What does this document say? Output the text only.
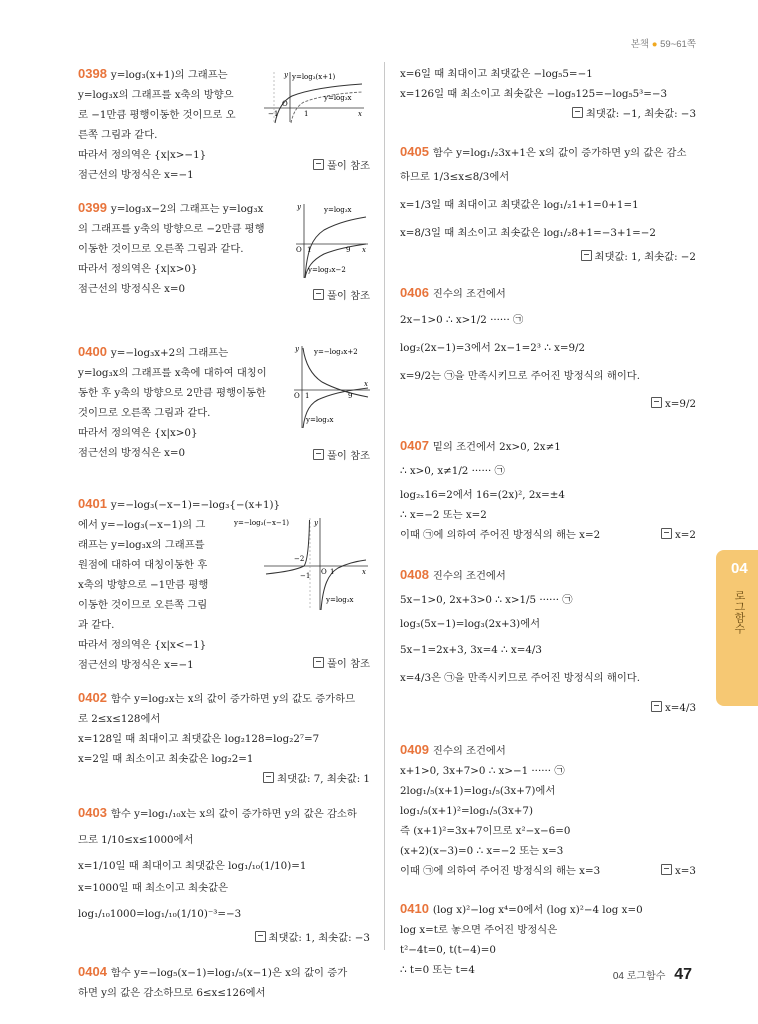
본책 ● 59~61쪽
0398 y=log₃(x+1)의 그래프는
y=log₃x의 그래프를 x축의 방향으
로 −1만큼 평행이동한 것이므로 오
른쪽 그림과 같다.
따라서 정의역은 {x|x>−1}
점근선의 방정식은 x=−1
풀이 참조
y=log₃(x+1)
y=log₃x
O
−1	1	x
y
0399 y=log₃x−2의 그래프는 y=log₃x
의 그래프를 y축의 방향으로 −2만큼 평행
이동한 것이므로 오른쪽 그림과 같다.
따라서 정의역은 {x|x>0}
점근선의 방정식은 x=0
풀이 참조
y=log₃x
y=log₃x−2
O 1	9 x
y
0400 y=−log₃x+2의 그래프는
y=log₃x의 그래프를 x축에 대하여 대칭이
동한 후 y축의 방향으로 2만큼 평행이동한
것이므로 오른쪽 그림과 같다.
따라서 정의역은 {x|x>0}
점근선의 방정식은 x=0	풀이 참조
y=−log₃x+2
y=log₃x
O 1	9
x
y
0401 y=−log₃(−x−1)=−log₃{−(x+1)}
에서 y=−log₃(−x−1)의 그
래프는 y=log₃x의 그래프를
원점에 대하여 대칭이동한 후
x축의 방향으로 −1만큼 평행
이동한 것이므로 오른쪽 그림
과 같다.
따라서 정의역은 {x|x<−1}
점근선의 방정식은 x=−1	풀이 참조
y=−log₃(−x−1)
y=log₃x
O
−2
−1	1	x
y
0402 함수 y=log₂x는 x의 값이 증가하면 y의 값도 증가하므
로 2≤x≤128에서
x=128일 때 최대이고 최댓값은 log₂128=log₂2⁷=7
x=2일 때 최소이고 최솟값은 log₂2=1
최댓값: 7, 최솟값: 1
0403 함수 y=log₁/₁₀x는 x의 값이 증가하면 y의 값은 감소하
므로 1/10≤x≤1000에서
x=1/10일 때 최대이고 최댓값은 log₁/₁₀(1/10)=1
x=1000일 때 최소이고 최솟값은
log₁/₁₀1000=log₁/₁₀(1/10)⁻³=−3
최댓값: 1, 최솟값: −3
0404 함수 y=−log₅(x−1)=log₁/₅(x−1)은 x의 값이 증가
하면 y의 값은 감소하므로 6≤x≤126에서
x=6일 때 최대이고 최댓값은 −log₅5=−1
x=126일 때 최소이고 최솟값은 −log₅125=−log₅5³=−3
최댓값: −1, 최솟값: −3
0405 함수 y=log₁/₂3x+1은 x의 값이 증가하면 y의 값은 감소
하므로 1/3≤x≤8/3에서
x=1/3일 때 최대이고 최댓값은 log₁/₂1+1=0+1=1
x=8/3일 때 최소이고 최솟값은 log₁/₂8+1=−3+1=−2
최댓값: 1, 최솟값: −2
0406 진수의 조건에서
2x−1>0 ∴ x>1/2 ······ ㉠
log₂(2x−1)=3에서 2x−1=2³ ∴ x=9/2
x=9/2는 ㉠을 만족시키므로 주어진 방정식의 해이다.
x=9/2
0407 밑의 조건에서 2x>0, 2x≠1
∴ x>0, x≠1/2 ······ ㉠
log₂ₓ16=2에서 16=(2x)², 2x=±4
∴ x=−2 또는 x=2
이때 ㉠에 의하여 주어진 방정식의 해는 x=2	x=2
0408 진수의 조건에서
5x−1>0, 2x+3>0 ∴ x>1/5 ······ ㉠
log₃(5x−1)=log₃(2x+3)에서
5x−1=2x+3, 3x=4 ∴ x=4/3
x=4/3은 ㉠을 만족시키므로 주어진 방정식의 해이다.
x=4/3
0409 진수의 조건에서
x+1>0, 3x+7>0 ∴ x>−1 ······ ㉠
2log₁/₅(x+1)=log₁/₅(3x+7)에서
log₁/₅(x+1)²=log₁/₅(3x+7)
즉 (x+1)²=3x+7이므로 x²−x−6=0
(x+2)(x−3)=0 ∴ x=−2 또는 x=3
이때 ㉠에 의하여 주어진 방정식의 해는 x=3	x=3
0410 (log x)²−log x⁴=0에서 (log x)²−4 log x=0
log x=t로 놓으면 주어진 방정식은
t²−4t=0, t(t−4)=0
∴ t=0 또는 t=4
04
로그함수
04 로그함수 47
